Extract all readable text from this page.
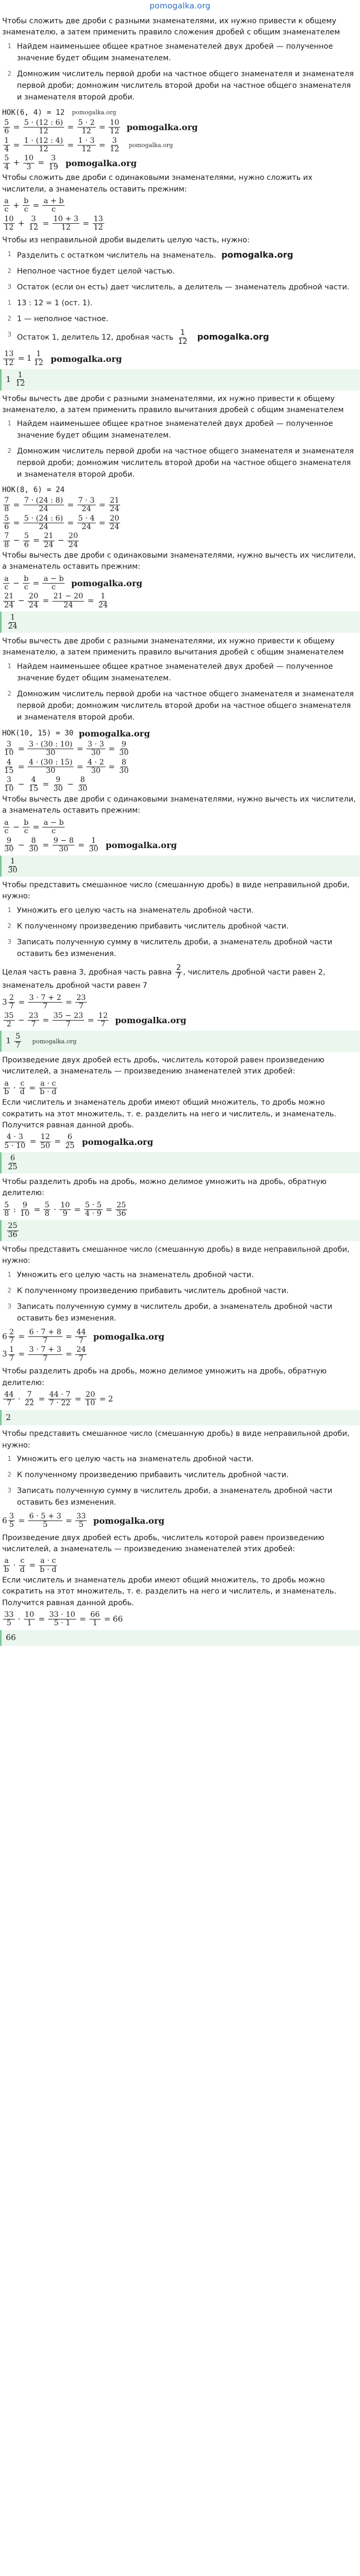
pomogalka.org

Чтобы сложить две дроби с разными знаменателями, их нужно привести к общему знаменателю, а затем применить правило сложения дробей с общим знаменателем

1 Найдем наименьшее общее кратное знаменателей двух дробей — полученное значение будет общим знаменателем.
2 Домножим числитель первой дроби на частное общего знаменателя и знаменателя первой дроби; домножим числитель второй дроби на частное общего знаменателя и знаменателя второй дроби.
НОК(6, 4) = 12 pomogalka.org
$\frac{5}{6} = \frac{5 \cdot (12 : 6)}{12} = \frac{5 \cdot 2}{12} = \frac{10}{12}$ pomogalka.org
$\frac{1}{4} = \frac{1 \cdot (12 : 4)}{12} = \frac{1 \cdot 3}{12} = \frac{3}{12}$ pomogalka.org
$\frac{5}{4} + \frac{10}{3} = \frac{3}{19}$ pomogalka.org

Чтобы сложить две дроби с одинаковыми знаменателями, нужно сложить их числители, а знаменатель оставить прежним:

$\frac{a}{c} + \frac{b}{c} = \frac{a + b}{c}$
$\frac{10}{12} + \frac{3}{12} = \frac{10 + 3}{12} = \frac{13}{12}$

Чтобы из неправильной дроби выделить целую часть, нужно:

1 Разделить с остатком числитель на знаменатель. pomogalka.org
2 Неполное частное будет целой частью.
3 Остаток (если он есть) дает числитель, а делитель — знаменатель дробной части.
1 13 : 12 = 1 (ост. 1).
2 1 — неполное частное.
3 Остаток 1, делитель 12, дробная часть $\frac{1}{12}$ pomogalka.org
$\frac{13}{12} = 1 \frac{1}{12}$ pomogalka.org
$1 \frac{1}{12}$

Чтобы вычесть две дроби с разными знаменателями, их нужно привести к общему знаменателю, а затем применить правило вычитания дробей с общим знаменателем

1 Найдем наименьшее общее кратное знаменателей двух дробей — полученное значение будет общим знаменателем.
2 Домножим числитель первой дроби на частное общего знаменателя и знаменателя первой дроби; домножим числитель второй дроби на частное общего знаменателя и знаменателя второй дроби.
НОК(8, 6) = 24
$\frac{7}{8} = \frac{7 \cdot (24 : 8)}{24} = \frac{7 \cdot 3}{24} = \frac{21}{24}$
$\frac{5}{6} = \frac{5 \cdot (24 : 6)}{24} = \frac{5 \cdot 4}{24} = \frac{20}{24}$
$\frac{7}{8} - \frac{5}{6} = \frac{21}{24} - \frac{20}{24}$

Чтобы вычесть две дроби с одинаковыми знаменателями, нужно вычесть их числители, а знаменатель оставить прежним:

$\frac{a}{c} - \frac{b}{c} = \frac{a - b}{c}$ pomogalka.org
$\frac{21}{24} - \frac{20}{24} = \frac{21 - 20}{24} = \frac{1}{24}$
$\frac{1}{24}$

Чтобы вычесть две дроби с разными знаменателями, их нужно привести к общему знаменателю, а затем применить правило вычитания дробей с общим знаменателем

1 Найдем наименьшее общее кратное знаменателей двух дробей — полученное значение будет общим знаменателем.
2 Домножим числитель первой дроби на частное общего знаменателя и знаменателя первой дроби; домножим числитель второй дроби на частное общего знаменателя и знаменателя второй дроби.
НОК(10, 15) = 30 pomogalka.org
$\frac{3}{10} = \frac{3 \cdot (30 : 10)}{30} = \frac{3 \cdot 3}{30} = \frac{9}{30}$
$\frac{4}{15} = \frac{4 \cdot (30 : 15)}{30} = \frac{4 \cdot 2}{30} = \frac{8}{30}$
$\frac{3}{10} - \frac{4}{15} = \frac{9}{30} - \frac{8}{30}$

Чтобы вычесть две дроби с одинаковыми знаменателями, нужно вычесть их числители, а знаменатель оставить прежним:

$\frac{a}{c} - \frac{b}{c} = \frac{a - b}{c}$
$\frac{9}{30} - \frac{8}{30} = \frac{9 - 8}{30} = \frac{1}{30}$ pomogalka.org
$\frac{1}{30}$

Чтобы представить смешанное число (смешанную дробь) в виде неправильной дроби, нужно:

1 Умножить его целую часть на знаменатель дробной части.
2 К полученному произведению прибавить числитель дробной части.
3 Записать полученную сумму в числитель дроби, а знаменатель дробной части оставить без изменения.

Целая часть равна 3, дробная часть равна $\frac{2}{7}$ , числитель дробной части равен 2, знаменатель дробной части равен 7

$3 \frac{2}{7} = \frac{3 \cdot 7 + 2}{7} = \frac{23}{7}$
$\frac{35}{2} - \frac{23}{7} = \frac{35 - 23}{7} = \frac{12}{7}$ pomogalka.org
$1 \frac{5}{7}$ pomogalka.org

Произведение двух дробей есть дробь, числитель которой равен произведению числителей, а знаменатель — произведению знаменателей этих дробей:

$\frac{a}{b} \cdot \frac{c}{d} = \frac{a \cdot c}{b \cdot d}$

Если числитель и знаменатель дроби имеют общий множитель, то дробь можно сократить на этот множитель, т. е. разделить на него и числитель, и знаменатель. Получится равная данной дробь.

$\frac{4 \cdot 3}{5 \cdot 10} = \frac{12}{50} = \frac{6}{25}$ pomogalka.org
$\frac{6}{25}$

Чтобы разделить дробь на дробь, можно делимое умножить на дробь, обратную делителю:

$\frac{5}{8}$ : $\frac{9}{10} = \frac{5}{8} \cdot \frac{10}{9} = \frac{5 \cdot 5}{4 \cdot 9} = \frac{25}{36}$
$\frac{25}{36}$

Чтобы представить смешанное число (смешанную дробь) в виде неправильной дроби, нужно:

1 Умножить его целую часть на знаменатель дробной части.
2 К полученному произведению прибавить числитель дробной части.
3 Записать полученную сумму в числитель дроби, а знаменатель дробной части оставить без изменения.
$6 \frac{2}{7} = \frac{6 \cdot 7 + 8}{7} = \frac{44}{7}$ pomogalka.org
$3 \frac{1}{7} = \frac{3 \cdot 7 + 3}{7} = \frac{24}{7}$

Чтобы разделить дробь на дробь, можно делимое умножить на дробь, обратную делителю:

$\frac{44}{7} \cdot \frac{7}{22} = \frac{44 \cdot 7}{7 \cdot 22} = \frac{20}{10} = 2$
2

Чтобы представить смешанное число (смешанную дробь) в виде неправильной дроби, нужно:

1 Умножить его целую часть на знаменатель дробной части.
2 К полученному произведению прибавить числитель дробной части.
3 Записать полученную сумму в числитель дроби, а знаменатель дробной части оставить без изменения.
$6 \frac{3}{5} = \frac{6 \cdot 5 + 3}{5} = \frac{33}{5}$ pomogalka.org

Произведение двух дробей есть дробь, числитель которой равен произведению числителей, а знаменатель — произведению знаменателей этих дробей:

$\frac{a}{b} \cdot \frac{c}{d} = \frac{a \cdot c}{b \cdot d}$

Если числитель и знаменатель дроби имеют общий множитель, то дробь можно сократить на этот множитель, т. е. разделить на него и числитель, и знаменатель. Получится равная данной дробь.

$\frac{33}{5} \cdot \frac{10}{1} = \frac{33 \cdot 10}{5 \cdot 1} = \frac{66}{1} = 66$
66
